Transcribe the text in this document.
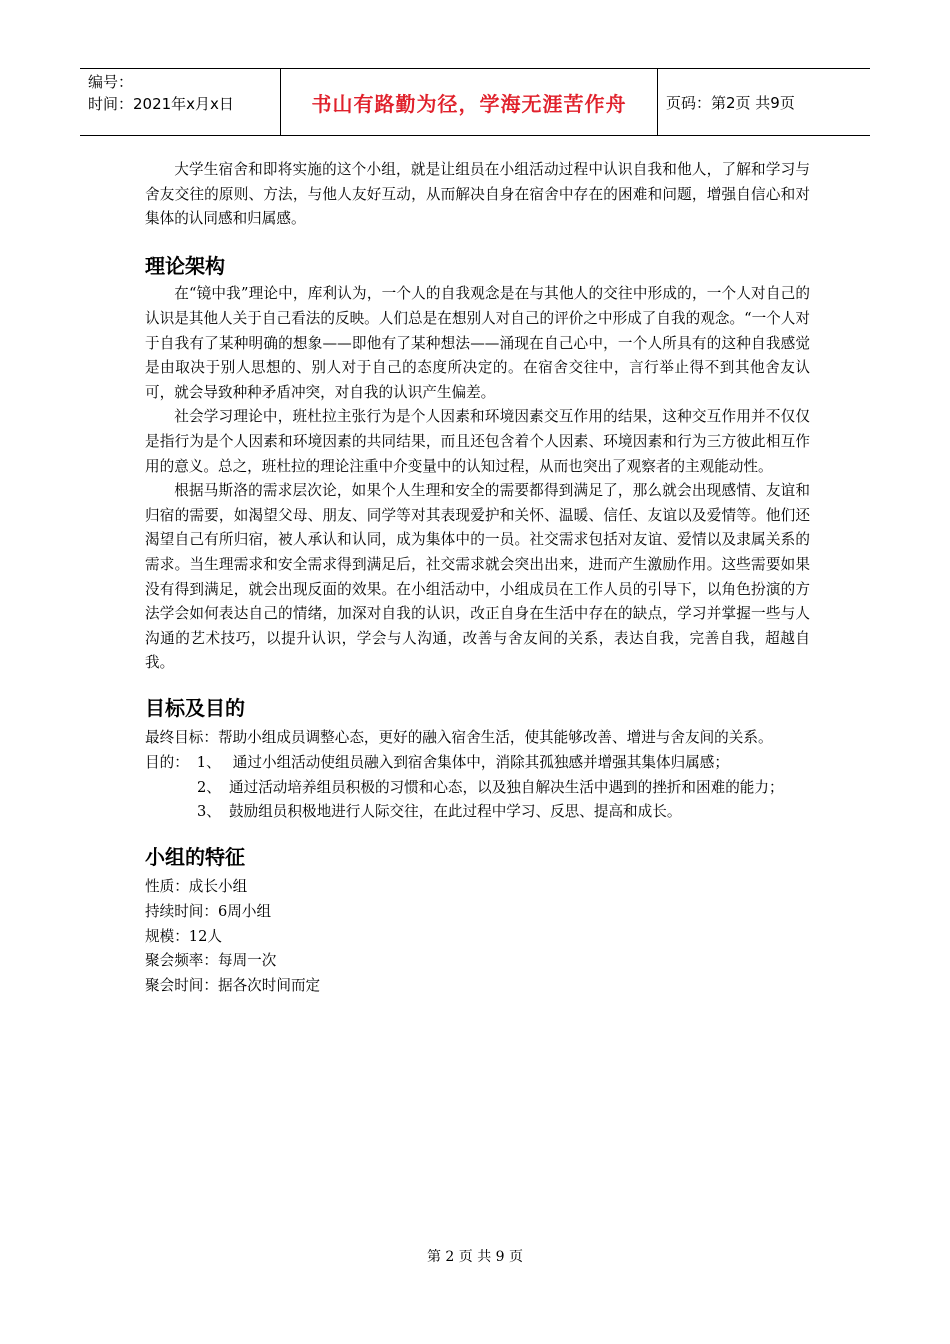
编号：
时间：2021年x月x日	书山有路勤为径，学海无涯苦作舟	页码：第2页 共9页

大学生宿舍和即将实施的这个小组，就是让组员在小组活动过程中认识自我和他人，了解和学习与舍友交往的原则、方法，与他人友好互动，从而解决自身在宿舍中存在的困难和问题，增强自信心和对集体的认同感和归属感。

理论架构

在“镜中我”理论中，库利认为，一个人的自我观念是在与其他人的交往中形成的，一个人对自己的认识是其他人关于自己看法的反映。人们总是在想别人对自己的评价之中形成了自我的观念。“一个人对于自我有了某种明确的想象——即他有了某种想法——涌现在自己心中，一个人所具有的这种自我感觉是由取决于别人思想的、别人对于自己的态度所决定的。在宿舍交往中，言行举止得不到其他舍友认可，就会导致种种矛盾冲突，对自我的认识产生偏差。

社会学习理论中，班杜拉主张行为是个人因素和环境因素交互作用的结果，这种交互作用并不仅仅是指行为是个人因素和环境因素的共同结果，而且还包含着个人因素、环境因素和行为三方彼此相互作用的意义。总之，班杜拉的理论注重中介变量中的认知过程，从而也突出了观察者的主观能动性。

根据马斯洛的需求层次论，如果个人生理和安全的需要都得到满足了，那么就会出现感情、友谊和归宿的需要，如渴望父母、朋友、同学等对其表现爱护和关怀、温暖、信任、友谊以及爱情等。他们还渴望自己有所归宿，被人承认和认同，成为集体中的一员。社交需求包括对友谊、爱情以及隶属关系的需求。当生理需求和安全需求得到满足后，社交需求就会突出出来，进而产生激励作用。这些需要如果没有得到满足，就会出现反面的效果。在小组活动中，小组成员在工作人员的引导下，以角色扮演的方法学会如何表达自己的情绪，加深对自我的认识，改正自身在生活中存在的缺点，学习并掌握一些与人沟通的艺术技巧，以提升认识，学会与人沟通，改善与舍友间的关系，表达自我，完善自我，超越自我。

目标及目的
最终目标： 帮助小组成员调整心态，更好的融入宿舍生活，使其能够改善、增进与舍友间的关系。
目的： 1、 通过小组活动使组员融入到宿舍集体中，消除其孤独感并增强其集体归属感；
2、 通过活动培养组员积极的习惯和心态，以及独自解决生活中遇到的挫折和困难的能力；
3、 鼓励组员积极地进行人际交往，在此过程中学习、反思、提高和成长。
小组的特征

性质：成长小组

持续时间：6周小组

规模：12人

聚会频率：每周一次

聚会时间：据各次时间而定

第 2 页 共 9 页
